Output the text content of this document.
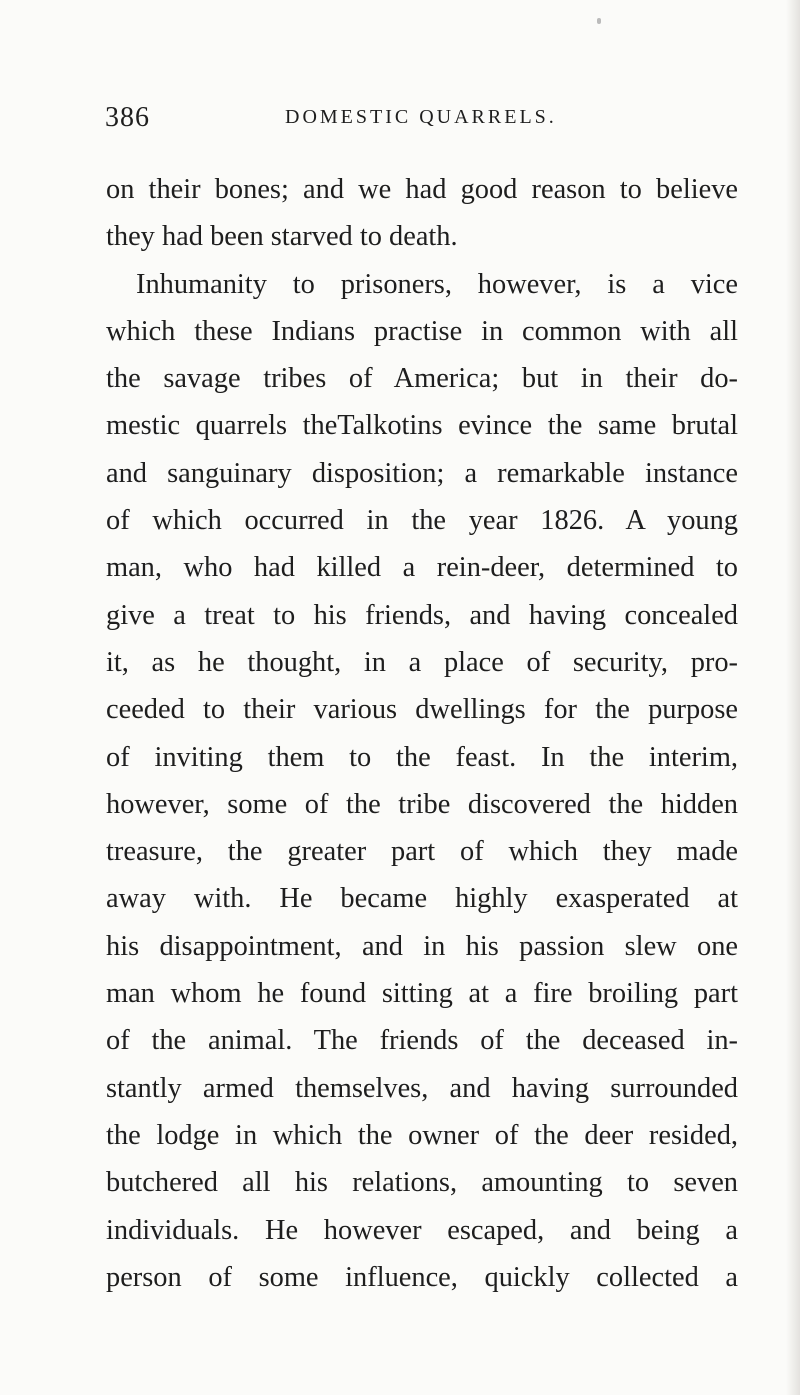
386	DOMESTIC QUARRELS.
on their bones; and we had good reason to believe
they had been starved to death.
Inhumanity to prisoners, however, is a vice
which these Indians practise in common with all
the savage tribes of America; but in their do-
mestic quarrels theTalkotins evince the same brutal
and sanguinary disposition; a remarkable instance
of which occurred in the year 1826. A young
man, who had killed a rein-deer, determined to
give a treat to his friends, and having concealed
it, as he thought, in a place of security, pro-
ceeded to their various dwellings for the purpose
of inviting them to the feast. In the interim,
however, some of the tribe discovered the hidden
treasure, the greater part of which they made
away with. He became highly exasperated at
his disappointment, and in his passion slew one
man whom he found sitting at a fire broiling part
of the animal. The friends of the deceased in-
stantly armed themselves, and having surrounded
the lodge in which the owner of the deer resided,
butchered all his relations, amounting to seven
individuals. He however escaped, and being a
person of some influence, quickly collected a
